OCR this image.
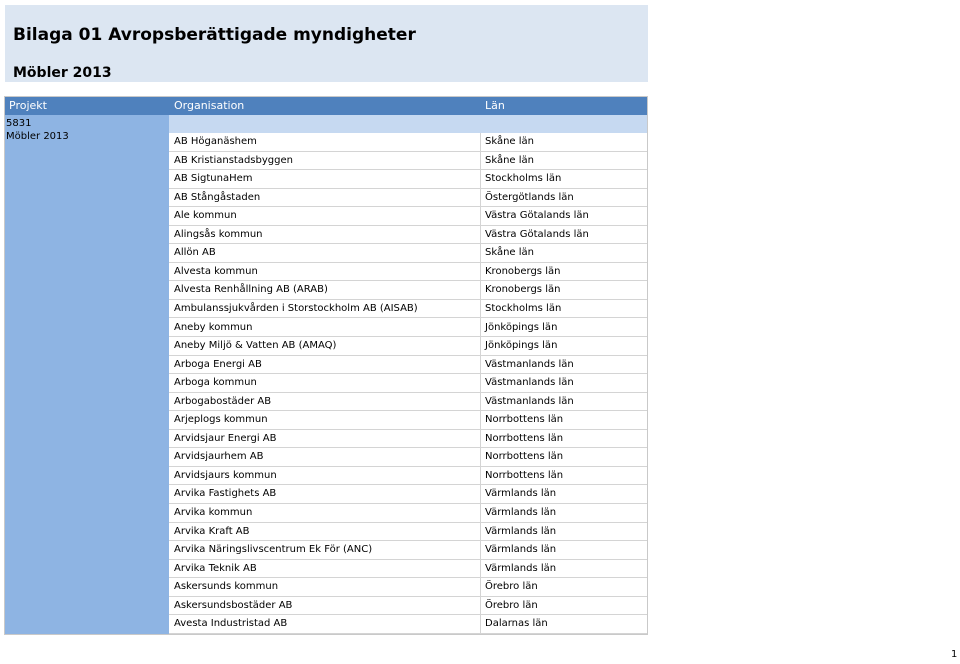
Bilaga 01 Avropsberättigade myndigheter
Möbler 2013
Projekt	Organisation	Län
5831
Möbler 2013	AB Höganäshem	Skåne län
AB Kristianstadsbyggen	Skåne län
AB SigtunaHem	Stockholms län
AB Stångåstaden	Östergötlands län
Ale kommun	Västra Götalands län
Alingsås kommun	Västra Götalands län
Allön AB	Skåne län
Alvesta kommun	Kronobergs län
Alvesta Renhållning AB (ARAB)	Kronobergs län
Ambulanssjukvården i Storstockholm AB (AISAB)	Stockholms län
Aneby kommun	Jönköpings län
Aneby Miljö & Vatten AB (AMAQ)	Jönköpings län
Arboga Energi AB	Västmanlands län
Arboga kommun	Västmanlands län
Arbogabostäder AB	Västmanlands län
Arjeplogs kommun	Norrbottens län
Arvidsjaur Energi AB	Norrbottens län
Arvidsjaurhem AB	Norrbottens län
Arvidsjaurs kommun	Norrbottens län
Arvika Fastighets AB	Värmlands län
Arvika kommun	Värmlands län
Arvika Kraft AB	Värmlands län
Arvika Näringslivscentrum Ek För (ANC)	Värmlands län
Arvika Teknik AB	Värmlands län
Askersunds kommun	Örebro län
Askersundsbostäder AB	Örebro län
Avesta Industristad AB	Dalarnas län
1
